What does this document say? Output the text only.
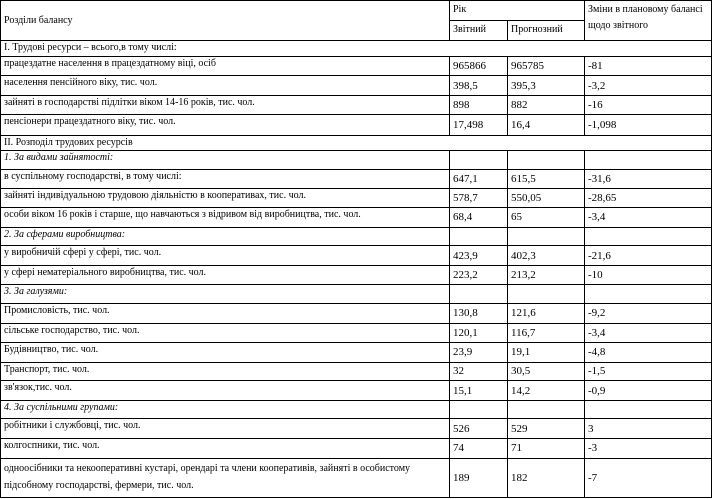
Розділи балансу	Рік		Зміни в плановому балансі щодо звітного
	Звітний	Прогнозний	
І. Трудові ресурси – всього,в тому числі:			
працездатне населення в працездатному віці, осіб	965866	965785	-81
населення пенсійного віку, тис. чол.	398,5	395,3	-3,2
зайняті в господарстві підлітки віком 14-16 років, тис. чол.	898	882	-16
пенсіонери працездатного віку, тис. чол.	17,498	16,4	-1,098
ІІ. Розподіл трудових ресурсів			
1. За видами зайнятості:			
в суспільному господарстві, в тому числі:	647,1	615,5	-31,6
зайняті індивідуальною трудовою діяльністю в кооперативах, тис. чол.	578,7	550,05	-28,65
особи віком 16 років і старше, що навчаються з відривом від виробництва, тис. чол.	68,4	65	-3,4
2. За сферами виробництва:			
у виробничій сфері у сфері, тис. чол.	423,9	402,3	-21,6
у сфері нематеріального виробництва, тис. чол.	223,2	213,2	-10
3. За галузями:			
Промисловість, тис. чол.	130,8	121,6	-9,2
сільське господарство, тис. чол.	120,1	116,7	-3,4
Будівництво, тис. чол.	23,9	19,1	-4,8
Транспорт, тис. чол.	32	30,5	-1,5
зв'язок,тис. чол.	15,1	14,2	-0,9
4. За суспільними групами:			
робітники і службовці, тис. чол.	526	529	3
колгоспники, тис. чол.	74	71	-3
одноосібники та некооперативні кустарі, орендарі та члени кооперативів, зайняті в особистому підсобному господарстві, фермери, тис. чол.	189	182	-7
